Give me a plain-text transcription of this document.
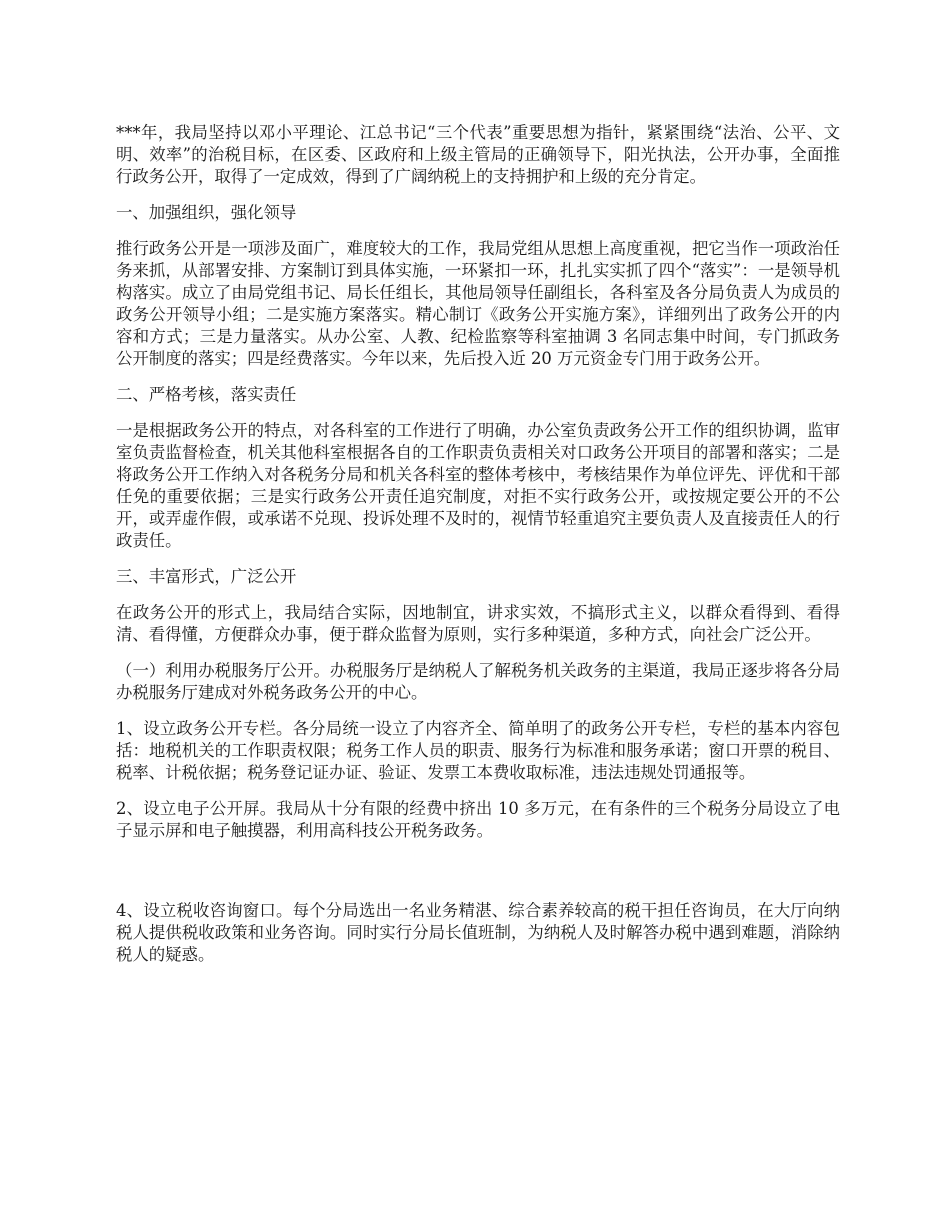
***年，我局坚持以邓小平理论、江总书记“三个代表”重要思想为指针，紧紧围绕“法治、公平、文明、效率”的治税目标，在区委、区政府和上级主管局的正确领导下，阳光执法，公开办事，全面推行政务公开，取得了一定成效，得到了广阔纳税上的支持拥护和上级的充分肯定。

一、加强组织，强化领导

推行政务公开是一项涉及面广，难度较大的工作，我局党组从思想上高度重视，把它当作一项政治任务来抓，从部署安排、方案制订到具体实施，一环紧扣一环，扎扎实实抓了四个“落实”：一是领导机构落实。成立了由局党组书记、局长任组长，其他局领导任副组长，各科室及各分局负责人为成员的政务公开领导小组；二是实施方案落实。精心制订《政务公开实施方案》，详细列出了政务公开的内容和方式；三是力量落实。从办公室、人教、纪检监察等科室抽调 3 名同志集中时间，专门抓政务公开制度的落实；四是经费落实。今年以来，先后投入近 20 万元资金专门用于政务公开。

二、严格考核，落实责任

一是根据政务公开的特点，对各科室的工作进行了明确，办公室负责政务公开工作的组织协调，监审室负责监督检查，机关其他科室根据各自的工作职责负责相关对口政务公开项目的部署和落实；二是将政务公开工作纳入对各税务分局和机关各科室的整体考核中，考核结果作为单位评先、评优和干部任免的重要依据；三是实行政务公开责任追究制度，对拒不实行政务公开，或按规定要公开的不公开，或弄虚作假，或承诺不兑现、投诉处理不及时的，视情节轻重追究主要负责人及直接责任人的行政责任。

三、丰富形式，广泛公开

在政务公开的形式上，我局结合实际，因地制宜，讲求实效，不搞形式主义，以群众看得到、看得清、看得懂，方便群众办事，便于群众监督为原则，实行多种渠道，多种方式，向社会广泛公开。

（一）利用办税服务厅公开。办税服务厅是纳税人了解税务机关政务的主渠道，我局正逐步将各分局办税服务厅建成对外税务政务公开的中心。

1、设立政务公开专栏。各分局统一设立了内容齐全、简单明了的政务公开专栏，专栏的基本内容包括：地税机关的工作职责权限；税务工作人员的职责、服务行为标准和服务承诺；窗口开票的税目、税率、计税依据；税务登记证办证、验证、发票工本费收取标准，违法违规处罚通报等。

2、设立电子公开屏。我局从十分有限的经费中挤出 10 多万元，在有条件的三个税务分局设立了电子显示屏和电子触摸器，利用高科技公开税务政务。

4、设立税收咨询窗口。每个分局选出一名业务精湛、综合素养较高的税干担任咨询员，在大厅向纳税人提供税收政策和业务咨询。同时实行分局长值班制，为纳税人及时解答办税中遇到难题，消除纳税人的疑惑。
